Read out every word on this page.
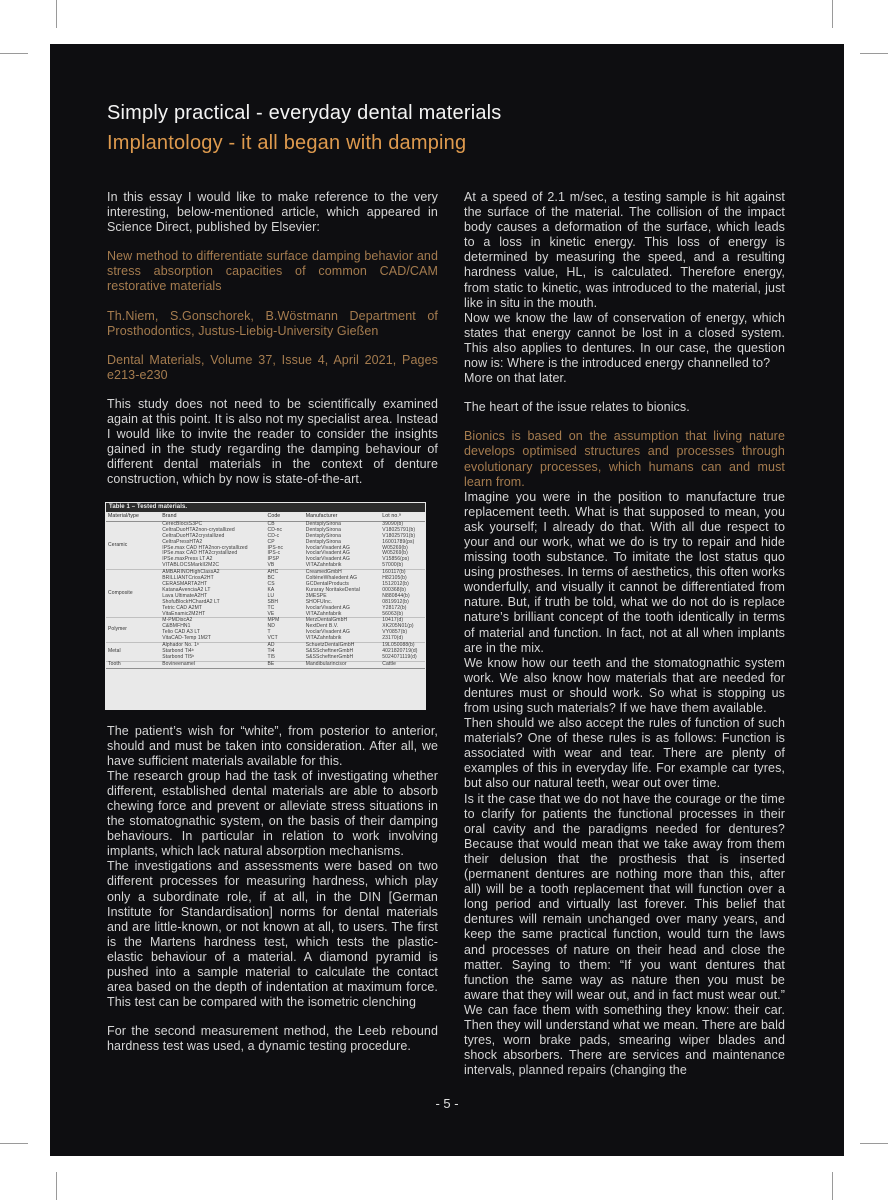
Simply practical - everyday dental materials
Implantology - it all began with damping

In this essay I would like to make reference to the very interesting, below-mentioned article, which appeared in Science Direct, published by Elsevier:

New method to differentiate surface damping behavior and stress absorption capacities of common CAD/CAM restorative materials

Th.Niem, S.Gonschorek, B.Wöstmann Department of Prosthodontics, Justus-Liebig-University Gießen

Dental Materials, Volume 37, Issue 4, April 2021, Pages e213-e230

This study does not need to be scientifically examined again at this point. It is also not my specialist area. Instead I would like to invite the reader to consider the insights gained in the study regarding the damping behaviour of different dental materials in the context of denture construction, which by now is state-of-the-art.

Table 1 – Tested materials.
Material/type	Brand	Code	Manufacturer	Lot no.ᵃ
Ceramic	CerecBlocsS3PC	CB	DentsplySirona	39090(b)
	CeltraDuoHTA2non-crystallized	CD-nc	DentsplySirona	V18025791(b)
	CeltraDuoHTA2crystallized	CD-c	DentsplySirona	V18025791(b)
	CeltraPressHTA2	CP	DentsplySirona	16001789(ps)
	IPSe.max CAD HTA2non-crystallized	IPS-nc	IvoclarVivadent AG	W05269(b)
	IPSe.max CAD HTA2crystallized	IPS-c	IvoclarVivadent AG	W05269(b)
	IPSe.maxPress LT A2	IPSP	IvoclarVivadent AG	V15856(ps)
	VITABLOCSMarkII2M2C	VB	VITAZahnfabrik	57000(b)
Composite	AMBARINOHighClassA2	AHC	CreamedGmbH	160117(b)
	BRILLIANTCriosA2HT	BC	ColtèneWhaledent AG	H82105(b)
	CERASMARTA2HT	CS	GCDentalProducts	1512012(b)
	KatanaAvenciaA2 LT	KA	Kuraray NoritakeDental	000368(b)
	Lava UltimateA2HT	LU	3MESPE	N880844(b)
	ShofuBlockHChardA2 LT	SBH	SHOFUInc.	0819912(b)
	Tetric CAD A2MT	TC	IvoclarVivadent AG	Y28172(b)
	VitaEnamic2M2HT	VE	VITAZahnfabrik	56063(b)
Polymer	M-PMDiscA2	MPM	MerzDentalGmbH	10417(d)
	C&BMFHN1	ND	NextDent B.V.	XK205N01(p)
	Telio CAD A3 LT	T	IvoclarVivadent AG	VY0857(b)
	VitaCAD-Temp 1M2T	VCT	VITAZahnfabrik	23170(d)
Metal	Alphador No. 1ᵇ	AD	SchuetzDentalGmbH	19L050088(b)
	Starbond Ti4ᵇ	Ti4	S&SScheftnerGmbH	4021820719(d)
	Starbond TI5ᵇ	TI5	S&SScheftnerGmbH	5024071119(d)
Tooth	Bovineenamel	BE	Mandibularincisor	Cattle

The patient’s wish for “white”, from posterior to anterior, should and must be taken into consideration. After all, we have sufficient materials available for this.

The research group had the task of investigating whether different, established dental materials are able to absorb chewing force and prevent or alleviate stress situations in the stomatognathic system, on the basis of their damping behaviours. In particular in relation to work involving implants, which lack natural absorption mechanisms.

The investigations and assessments were based on two different processes for measuring hardness, which play only a subordinate role, if at all, in the DIN [German Institute for Standardisation] norms for dental materials and are little-known, or not known at all, to users. The first is the Martens hardness test, which tests the plastic-elastic behaviour of a material. A diamond pyramid is pushed into a sample material to calculate the contact area based on the depth of indentation at maximum force. This test can be compared with the isometric clenching

For the second measurement method, the Leeb rebound hardness test was used, a dynamic testing procedure.

At a speed of 2.1 m/sec, a testing sample is hit against the surface of the material. The collision of the impact body causes a deformation of the surface, which leads to a loss in kinetic energy. This loss of energy is determined by measuring the speed, and a resulting hardness value, HL, is calculated. Therefore energy, from static to kinetic, was introduced to the material, just like in situ in the mouth.

Now we know the law of conservation of energy, which states that energy cannot be lost in a closed system. This also applies to dentures. In our case, the question now is: Where is the introduced energy channelled to?

More on that later.

The heart of the issue relates to bionics.

Bionics is based on the assumption that living nature develops optimised structures and processes through evolutionary processes, which humans can and must learn from.

Imagine you were in the position to manufacture true replacement teeth. What is that supposed to mean, you ask yourself; I already do that. With all due respect to your and our work, what we do is try to repair and hide missing tooth substance. To imitate the lost status quo using prostheses. In terms of aesthetics, this often works wonderfully, and visually it cannot be differentiated from nature. But, if truth be told, what we do not do is replace nature’s brilliant concept of the tooth identically in terms of material and function. In fact, not at all when implants are in the mix.

We know how our teeth and the stomatognathic system work. We also know how materials that are needed for dentures must or should work. So what is stopping us from using such materials? If we have them available.

Then should we also accept the rules of function of such materials? One of these rules is as follows: Function is associated with wear and tear. There are plenty of examples of this in everyday life. For example car tyres, but also our natural teeth, wear out over time.

Is it the case that we do not have the courage or the time to clarify for patients the functional processes in their oral cavity and the paradigms needed for dentures? Because that would mean that we take away from them their delusion that the prosthesis that is inserted (permanent dentures are nothing more than this, after all) will be a tooth replacement that will function over a long period and virtually last forever. This belief that dentures will remain unchanged over many years, and keep the same practical function, would turn the laws and processes of nature on their head and close the matter. Saying to them: “If you want dentures that function the same way as nature then you must be aware that they will wear out, and in fact must wear out.” We can face them with something they know: their car. Then they will understand what we mean. There are bald tyres, worn brake pads, smearing wiper blades and shock absorbers. There are services and maintenance intervals, planned repairs (changing the

- 5 -
